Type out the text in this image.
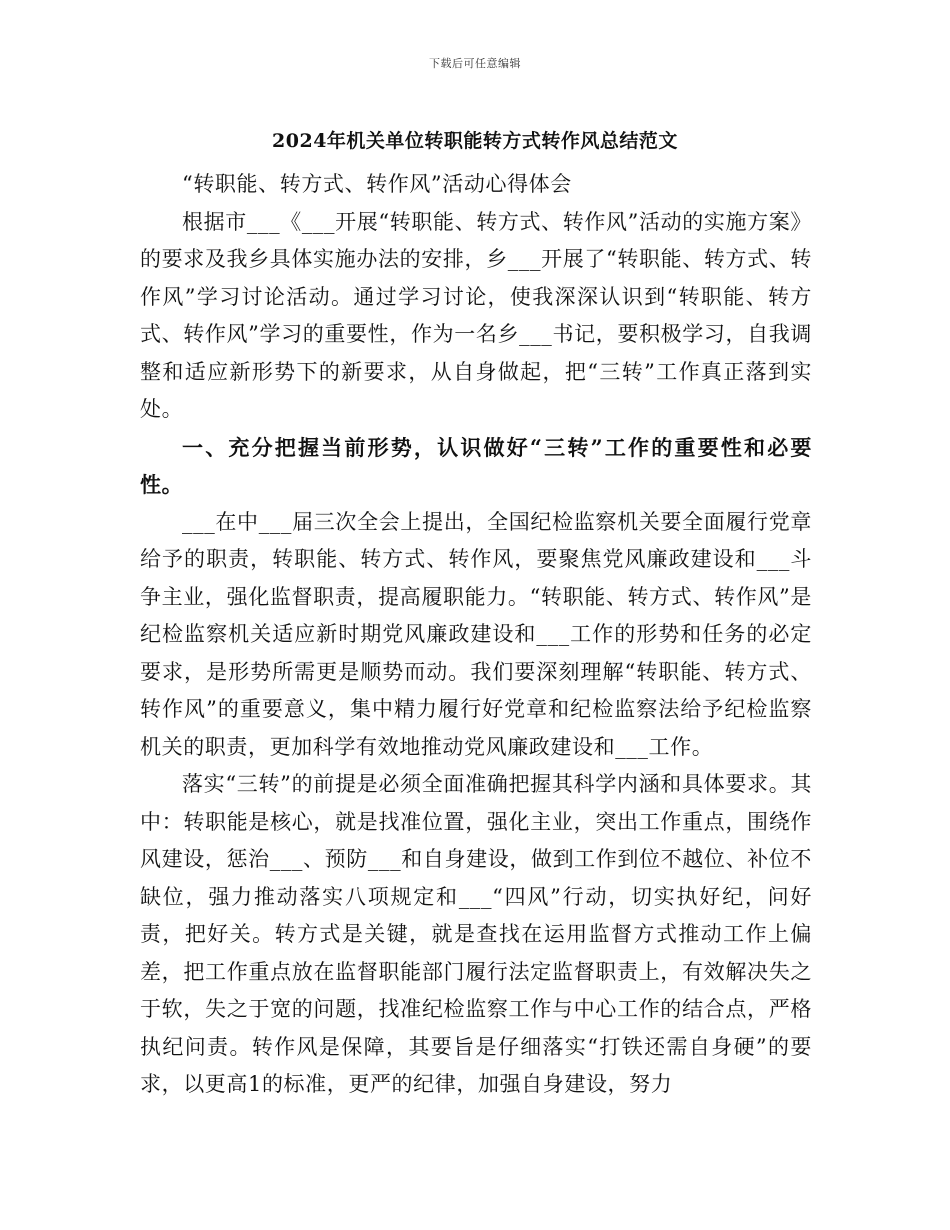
下载后可任意编辑
2024年机关单位转职能转方式转作风总结范文

“转职能、转方式、转作风”活动心得体会

根据市___《___开展“转职能、转方式、转作风”活动的实施方案》的要求及我乡具体实施办法的安排，乡___开展了“转职能、转方式、转作风”学习讨论活动。通过学习讨论，使我深深认识到“转职能、转方式、转作风”学习的重要性，作为一名乡___书记，要积极学习，自我调整和适应新形势下的新要求，从自身做起，把“三转”工作真正落到实处。

一、充分把握当前形势，认识做好“三转”工作的重要性和必要性。

___在中___届三次全会上提出，全国纪检监察机关要全面履行党章给予的职责，转职能、转方式、转作风，要聚焦党风廉政建设和___斗争主业，强化监督职责，提高履职能力。“转职能、转方式、转作风”是纪检监察机关适应新时期党风廉政建设和___工作的形势和任务的必定要求，是形势所需更是顺势而动。我们要深刻理解“转职能、转方式、转作风”的重要意义，集中精力履行好党章和纪检监察法给予纪检监察机关的职责，更加科学有效地推动党风廉政建设和___工作。

落实“三转”的前提是必须全面准确把握其科学内涵和具体要求。其中：转职能是核心，就是找准位置，强化主业，突出工作重点，围绕作风建设，惩治___、预防___和自身建设，做到工作到位不越位、补位不缺位，强力推动落实八项规定和___“四风”行动，切实执好纪，问好责，把好关。转方式是关键，就是查找在运用监督方式推动工作上偏差，把工作重点放在监督职能部门履行法定监督职责上，有效解决失之于软，失之于宽的问题，找准纪检监察工作与中心工作的结合点，严格执纪问责。转作风是保障，其要旨是仔细落实“打铁还需自身硬”的要求，以更高1的标准，更严的纪律，加强自身建设，努力
